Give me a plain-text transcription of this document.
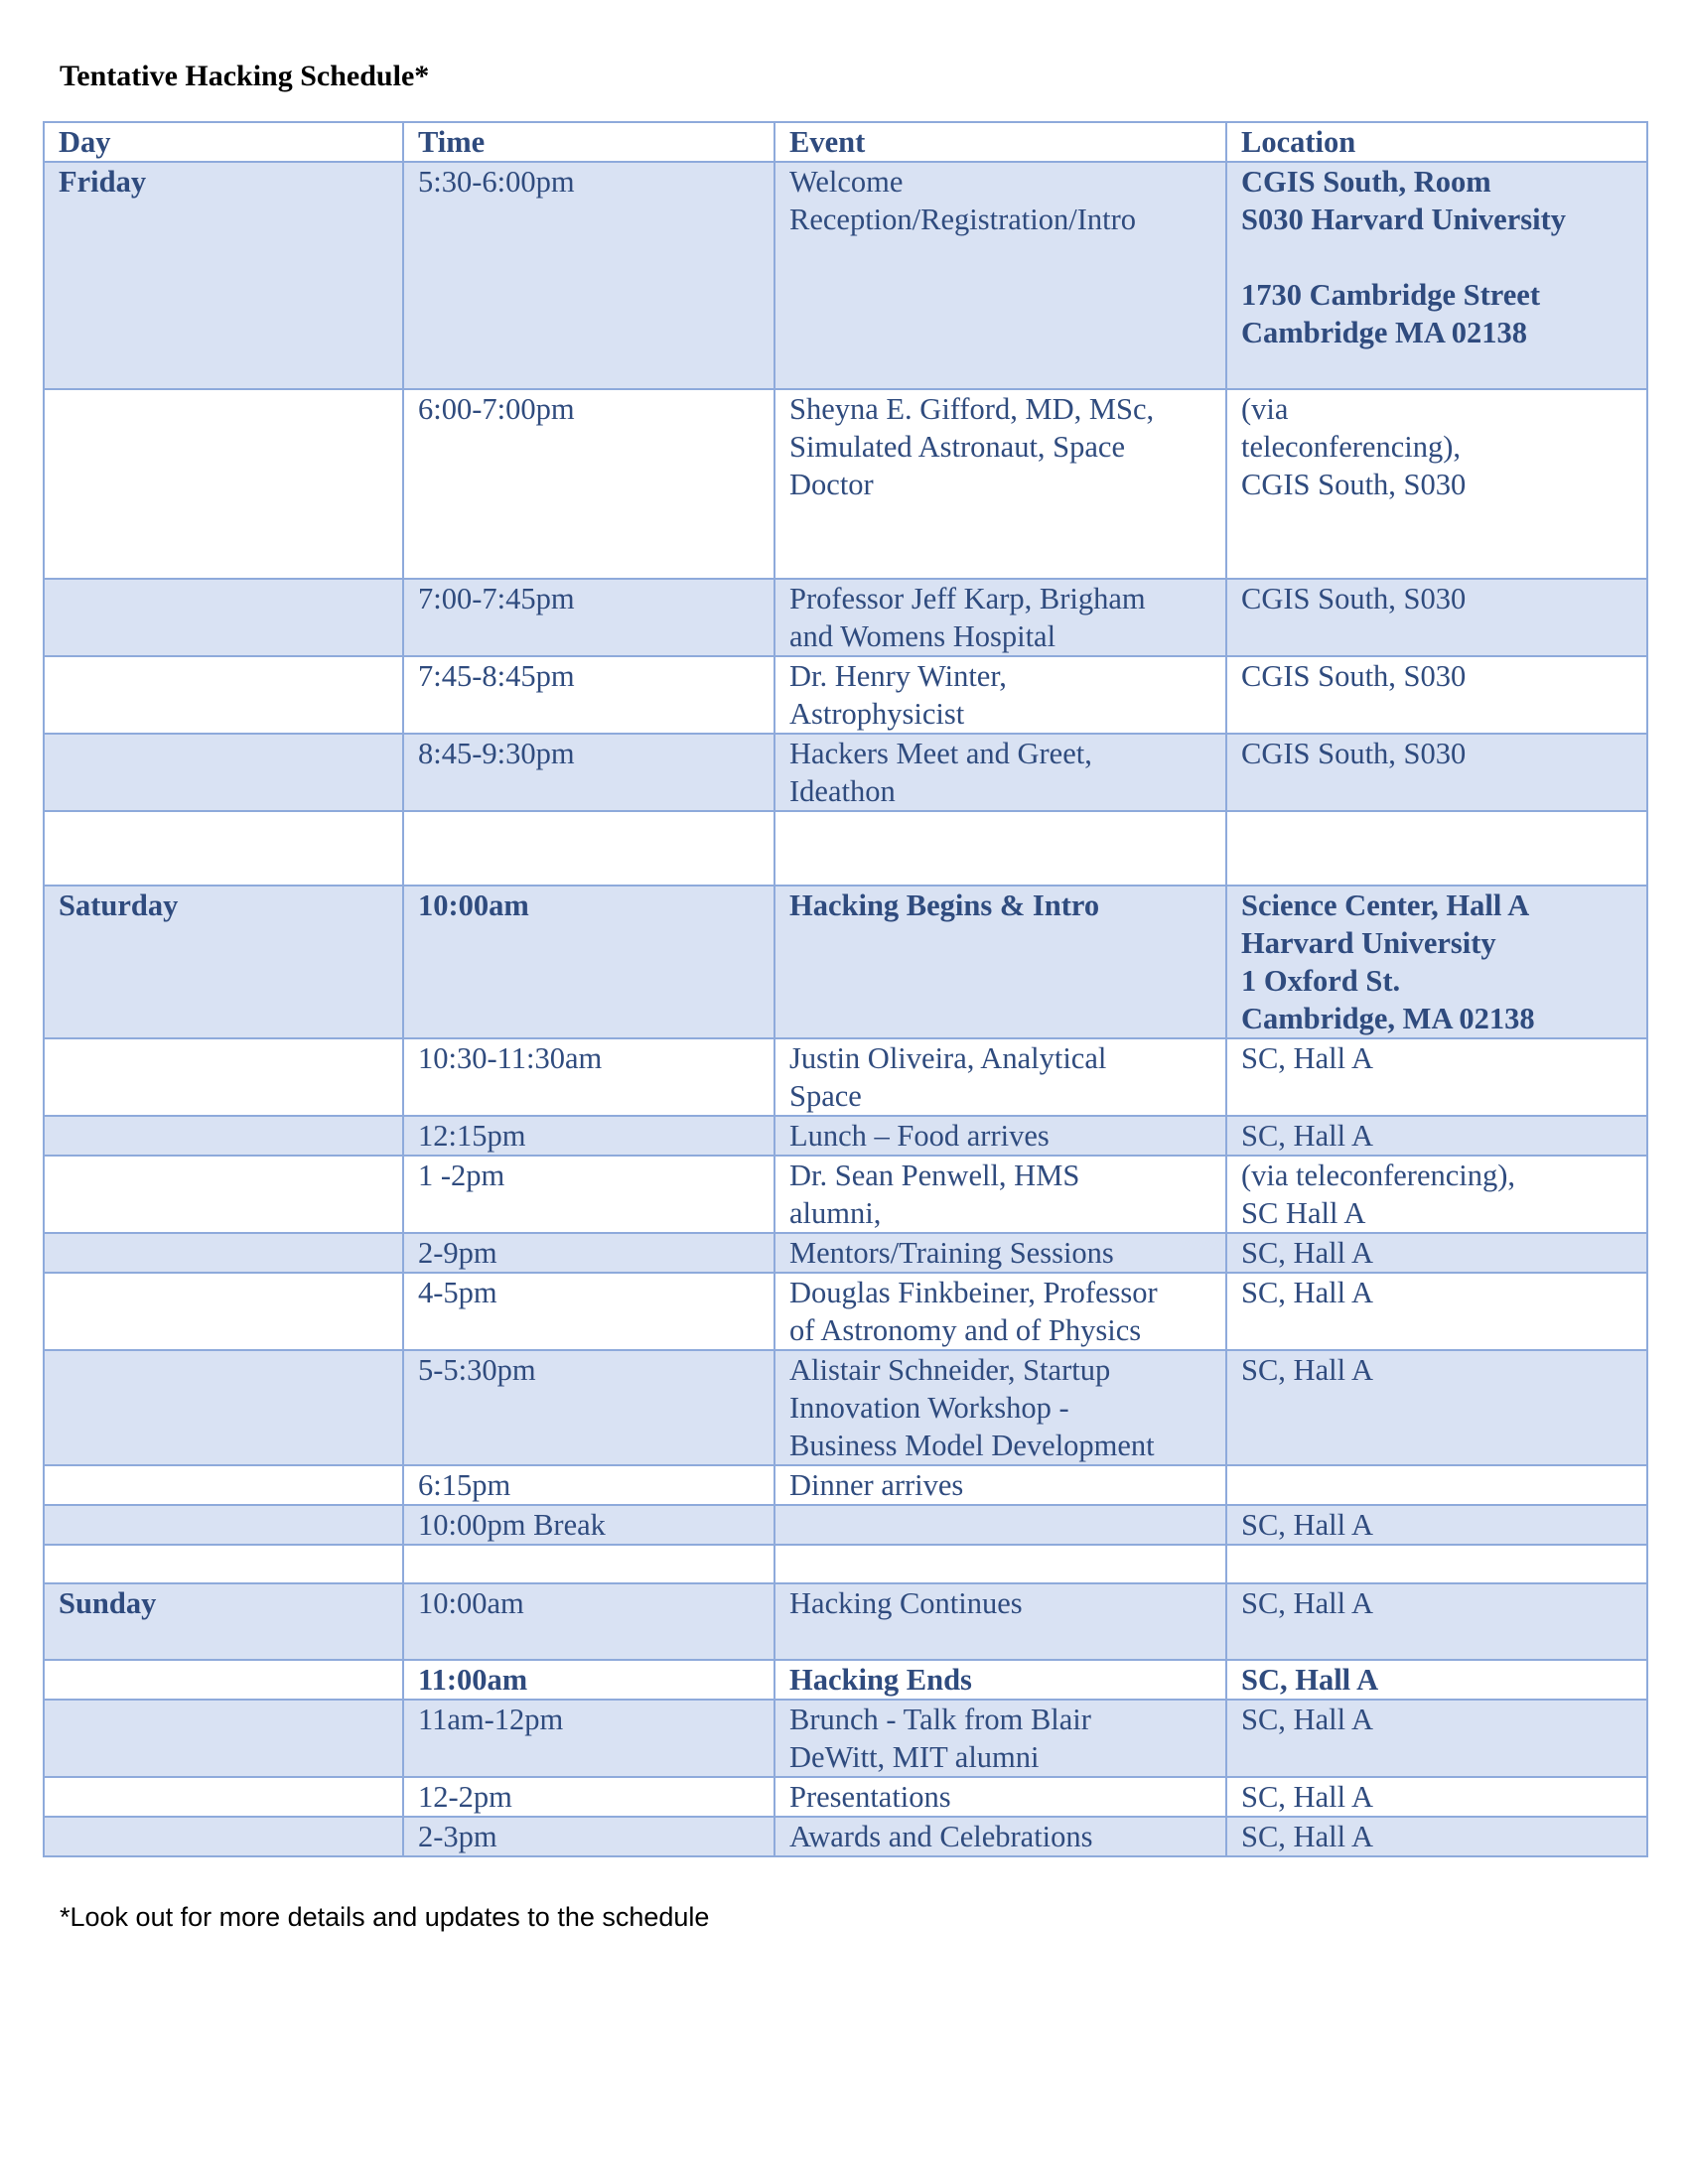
Tentative Hacking Schedule*
Day	Time	Event	Location
Friday	5:30-6:00pm	Welcome
Reception/Registration/Intro	CGIS South, Room
S030 Harvard University

1730 Cambridge Street
Cambridge MA 02138

	6:00-7:00pm	Sheyna E. Gifford, MD, MSc,
Simulated Astronaut, Space
Doctor	(via
teleconferencing),
CGIS South, S030

	7:00-7:45pm	Professor Jeff Karp, Brigham
and Womens Hospital	CGIS South, S030

	7:45-8:45pm	Dr. Henry Winter,
Astrophysicist	CGIS South, S030

	8:45-9:30pm	Hackers Meet and Greet,
Ideathon	CGIS South, S030

Saturday	10:00am	Hacking Begins & Intro	Science Center, Hall A
Harvard University
1 Oxford St.
Cambridge, MA 02138

	10:30-11:30am	Justin Oliveira, Analytical
Space	SC, Hall A

	12:15pm	Lunch – Food arrives	SC, Hall A

	1 -2pm	Dr. Sean Penwell, HMS
alumni,	(via teleconferencing),
SC Hall A

	2-9pm	Mentors/Training Sessions	SC, Hall A

	4-5pm	Douglas Finkbeiner, Professor
of Astronomy and of Physics	SC, Hall A

	5-5:30pm	Alistair Schneider, Startup
Innovation Workshop -
Business Model Development	SC, Hall A

	6:15pm	Dinner arrives	

	10:00pm Break		SC, Hall A

Sunday	10:00am	Hacking Continues	SC, Hall A

	11:00am	Hacking Ends	SC, Hall A

	11am-12pm	Brunch - Talk from Blair
DeWitt, MIT alumni	SC, Hall A

	12-2pm	Presentations	SC, Hall A

	2-3pm	Awards and Celebrations	SC, Hall A
*Look out for more details and updates to the schedule
